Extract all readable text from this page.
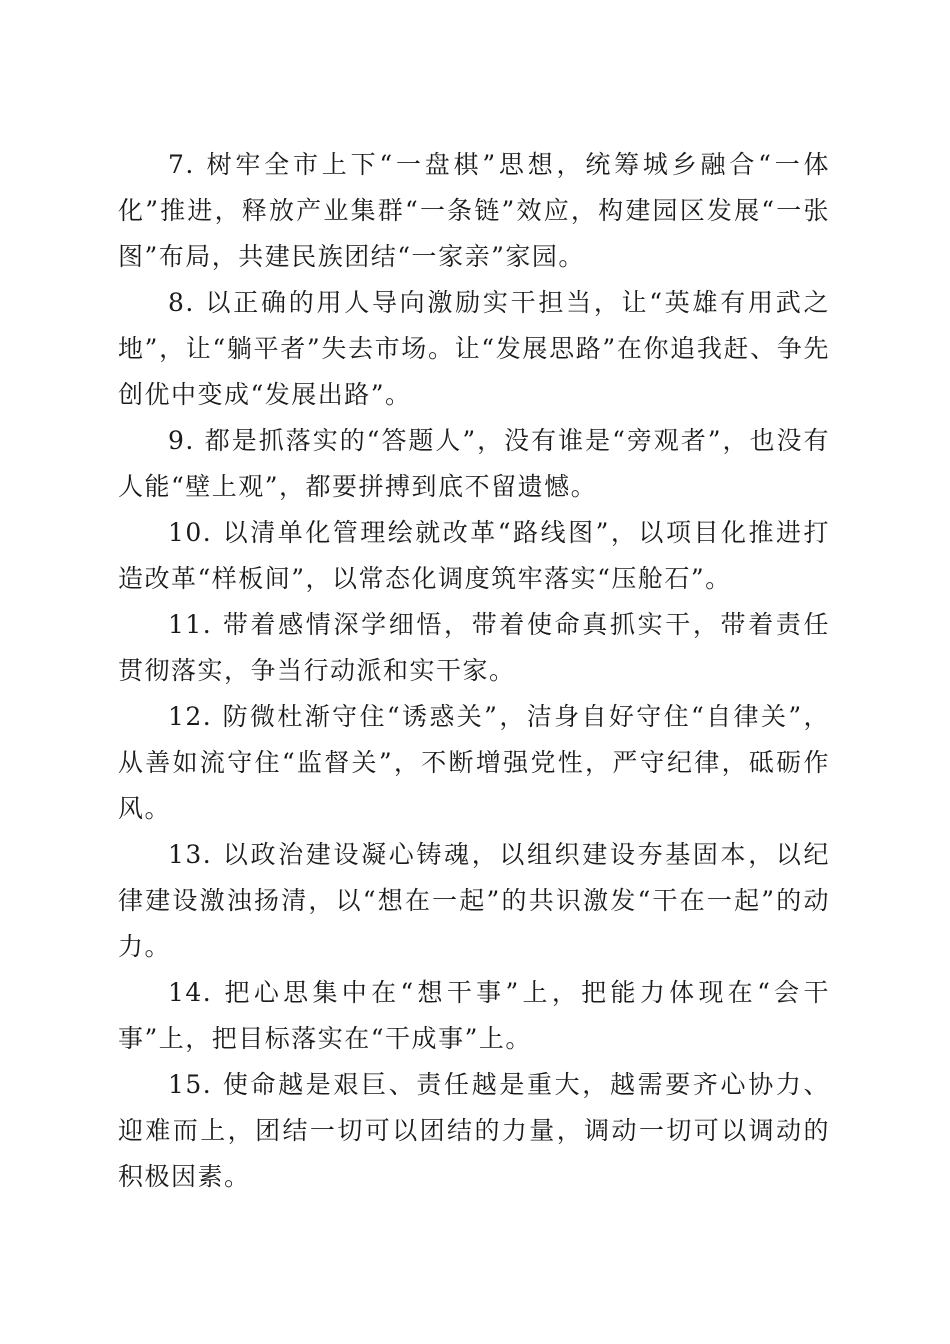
7. 树牢全市上下“一盘棋”思想，统筹城乡融合“一体化”推进，释放产业集群“一条链”效应，构建园区发展“一张图”布局，共建民族团结“一家亲”家园。

8. 以正确的用人导向激励实干担当，让“英雄有用武之地”，让“躺平者”失去市场。让“发展思路”在你追我赶、争先创优中变成“发展出路”。

9. 都是抓落实的“答题人”，没有谁是“旁观者”，也没有人能“壁上观”，都要拼搏到底不留遗憾。

10. 以清单化管理绘就改革“路线图”，以项目化推进打造改革“样板间”，以常态化调度筑牢落实“压舱石”。

11. 带着感情深学细悟，带着使命真抓实干，带着责任贯彻落实，争当行动派和实干家。

12. 防微杜渐守住“诱惑关”，洁身自好守住“自律关”，从善如流守住“监督关”，不断增强党性，严守纪律，砥砺作风。

13. 以政治建设凝心铸魂，以组织建设夯基固本，以纪律建设激浊扬清，以“想在一起”的共识激发“干在一起”的动力。

14. 把心思集中在“想干事”上，把能力体现在“会干事”上，把目标落实在“干成事”上。

15. 使命越是艰巨、责任越是重大，越需要齐心协力、迎难而上，团结一切可以团结的力量，调动一切可以调动的积极因素。
